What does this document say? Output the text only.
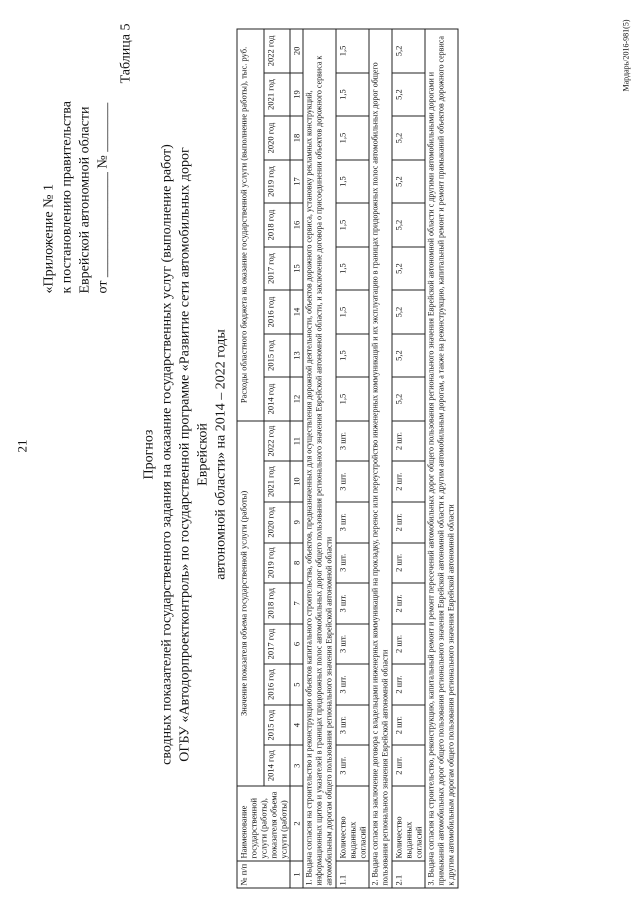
21
«Приложение № 1 к постановлению правительства Еврейской автономной области от _______________ № _______
Таблица 5
Прогноз сводных показателей государственного задания на оказание государственных услуг (выполнение работ) ОГБУ «Автодорпроектконтроль» по государственной программе «Развитие сети автомобильных дорог Еврейской автономной области» на 2014 – 2022 годы
№ п/п	Наименование государственной услуги (работы), показателя объема услуги (работы)	Значение показателя объема государственной услуги (работы)									Расходы областного бюджета на оказание государственной услуги (выполнение работы), тыс. руб.								
		2014 год	2015 год	2016 год	2017 год	2018 год	2019 год	2020 год	2021 год	2022 год	2014 год	2015 год	2016 год	2017 год	2018 год	2019 год	2020 год	2021 год	2022 год
1	2	3	4	5	6	7	8	9	10	11	12	13	14	15	16	17	18	19	20
1. Выдача согласия на строительство и реконструкцию объектов капитального строительства, объектов, предназначенных для осуществления дорожной деятельности, объектов дорожного сервиса, установку рекламных конструкций, информационных щитов и указателей в границах придорожных полос автомобильных дорог общего пользования регионального значения Еврейской автономной области, и заключение договора о присоединении объектов дорожного сервиса к автомобильным дорогам общего пользования регионального значения Еврейской автономной области																			
1.1	Количество выданных согласий	3 шт.	3 шт.	3 шт.	3 шт.	3 шт.	3 шт.	3 шт.	3 шт.	3 шт.	1,5	1,5	1,5	1,5	1,5	1,5	1,5	1,5	1,5
2. Выдача согласия на заключение договора с владельцами инженерных коммуникаций на прокладку, перенос или переустройство инженерных коммуникаций и их эксплуатацию в границах придорожных полос автомобильных дорог общего пользования регионального значения Еврейской автономной области																			
2.1	Количество выданных согласий	2 шт.	2 шт.	2 шт.	2 шт.	2 шт.	2 шт.	2 шт.	2 шт.	2 шт.	5,2	5,2	5,2	5,2	5,2	5,2	5,2	5,2	5,2
3. Выдача согласия на строительство, реконструкцию, капитальный ремонт и ремонт пересечений автомобильных дорог общего пользования регионального значения Еврейской автономной области с другими автомобильными дорогами и примыканий автомобильных дорог общего пользования регионального значения Еврейской автономной области к другим автомобильным дорогам, а также на реконструкцию, капитальный ремонт и ремонт примыканий объектов дорожного сервиса к другим автомобильным дорогам общего пользования регионального значения Еврейской автономной области																			
Мардарь/2016-981(5)
